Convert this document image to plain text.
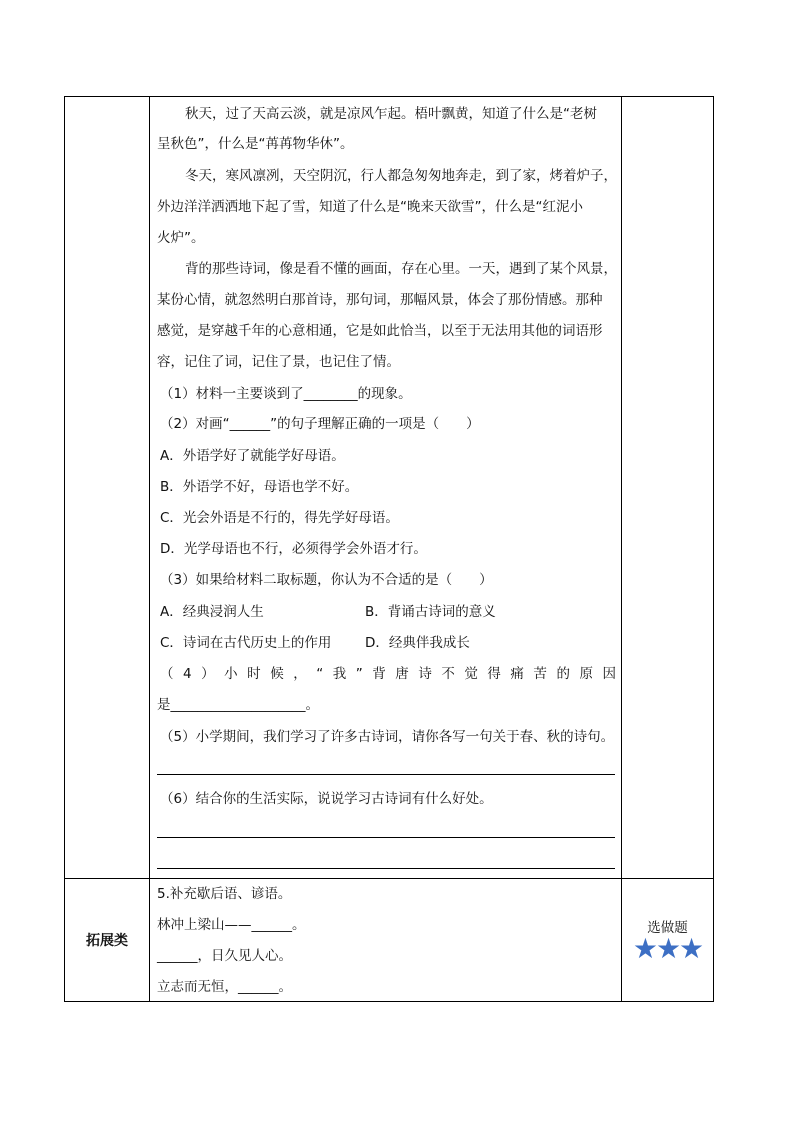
秋天，过了天高云淡，就是凉风乍起。梧叶飘黄，知道了什么是“老树
呈秋色”，什么是“苒苒物华休”。
冬天，寒风凛冽，天空阴沉，行人都急匆匆地奔走，到了家，烤着炉子，
外边洋洋洒洒地下起了雪，知道了什么是“晚来天欲雪”，什么是“红泥小
火炉”。
背的那些诗词，像是看不懂的画面，存在心里。一天，遇到了某个风景，
某份心情，就忽然明白那首诗，那句词，那幅风景，体会了那份情感。那种
感觉，是穿越千年的心意相通，它是如此恰当，以至于无法用其他的词语形
容，记住了词，记住了景，也记住了情。
（1）材料一主要谈到了________的现象。
（2）对画“______”的句子理解正确的一项是（　　）
A．外语学好了就能学好母语。
B．外语学不好，母语也学不好。
C．光会外语是不行的，得先学好母语。
D．光学母语也不行，必须得学会外语才行。
（3）如果给材料二取标题，你认为不合适的是（　　）
A．经典浸润人生	B．背诵古诗词的意义
C．诗词在古代历史上的作用 D．经典伴我成长
（4）小时候，“我”背唐诗不觉得痛苦的原因
是____________________。
（5）小学期间，我们学习了许多古诗词，请你各写一句关于春、秋的诗句。
（6）结合你的生活实际，说说学习古诗词有什么好处。
拓展类
5.补充歇后语、谚语。
林冲上梁山——______。
______，日久见人心。
立志而无恒，______。
选做题
★★★
